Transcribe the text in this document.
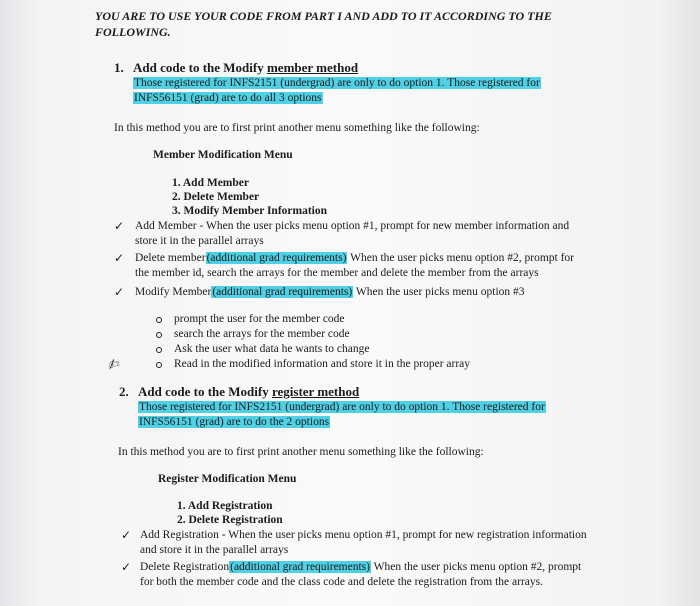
YOU ARE TO USE YOUR CODE FROM PART I AND ADD TO IT ACCORDING TO THE
FOLLOWING.
1. Add code to the Modify member method
Those registered for INFS2151 (undergrad) are only to do option 1. Those registered for
INFS56151 (grad) are to do all 3 options
In this method you are to first print another menu something like the following:
Member Modification Menu
1. Add Member
2. Delete Member
3. Modify Member Information
✓ Add Member - When the user picks menu option #1, prompt for new member information and
store it in the parallel arrays
✓ Delete member(additional grad requirements) When the user picks menu option #2, prompt for
the member id, search the arrays for the member and delete the member from the arrays
✓ Modify Member(additional grad requirements) When the user picks menu option #3
prompt the user for the member code
search the arrays for the member code
Ask the user what data he wants to change
Read in the modified information and store it in the proper array
✍
2. Add code to the Modify register method
Those registered for INFS2151 (undergrad) are only to do option 1. Those registered for
INFS56151 (grad) are to do the 2 options
In this method you are to first print another menu something like the following:
Register Modification Menu
1. Add Registration
2. Delete Registration
✓ Add Registration - When the user picks menu option #1, prompt for new registration information
and store it in the parallel arrays
✓ Delete Registration(additional grad requirements) When the user picks menu option #2, prompt
for both the member code and the class code and delete the registration from the arrays.
